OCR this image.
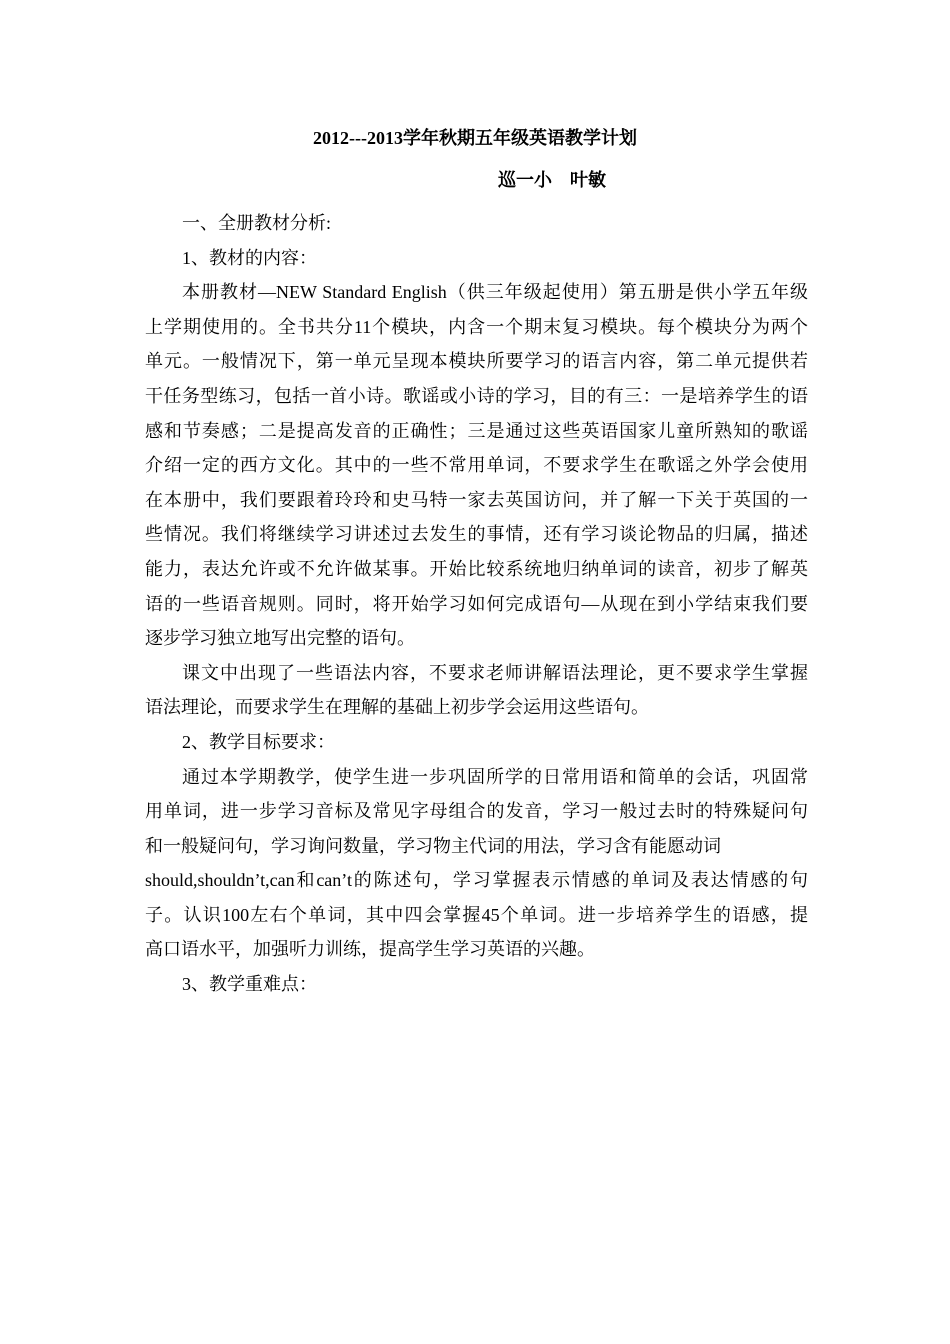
2012---2013学年秋期五年级英语教学计划
巡一小    叶敏
一、全册教材分析:
1、教材的内容：
本册教材—NEW Standard English（供三年级起使用）第五册是供小学五年级
上学期使用的。全书共分11个模块，内含一个期末复习模块。每个模块分为两个
单元。一般情况下，第一单元呈现本模块所要学习的语言内容，第二单元提供若
干任务型练习，包括一首小诗。歌谣或小诗的学习，目的有三：一是培养学生的语
感和节奏感；二是提高发音的正确性；三是通过这些英语国家儿童所熟知的歌谣
介绍一定的西方文化。其中的一些不常用单词，不要求学生在歌谣之外学会使用
在本册中，我们要跟着玲玲和史马特一家去英国访问，并了解一下关于英国的一
些情况。我们将继续学习讲述过去发生的事情，还有学习谈论物品的归属，描述
能力，表达允许或不允许做某事。开始比较系统地归纳单词的读音，初步了解英
语的一些语音规则。同时，将开始学习如何完成语句—从现在到小学结束我们要
逐步学习独立地写出完整的语句。
课文中出现了一些语法内容，不要求老师讲解语法理论，更不要求学生掌握
语法理论，而要求学生在理解的基础上初步学会运用这些语句。
2、教学目标要求：
通过本学期教学，使学生进一步巩固所学的日常用语和简单的会话，巩固常
用单词，进一步学习音标及常见字母组合的发音，学习一般过去时的特殊疑问句
和一般疑问句，学习询问数量，学习物主代词的用法，学习含有能愿动词
should,shouldn’t,can和can’t的陈述句，学习掌握表示情感的单词及表达情感的句
子。认识100左右个单词，其中四会掌握45个单词。进一步培养学生的语感，提
高口语水平，加强听力训练，提高学生学习英语的兴趣。
3、教学重难点：
